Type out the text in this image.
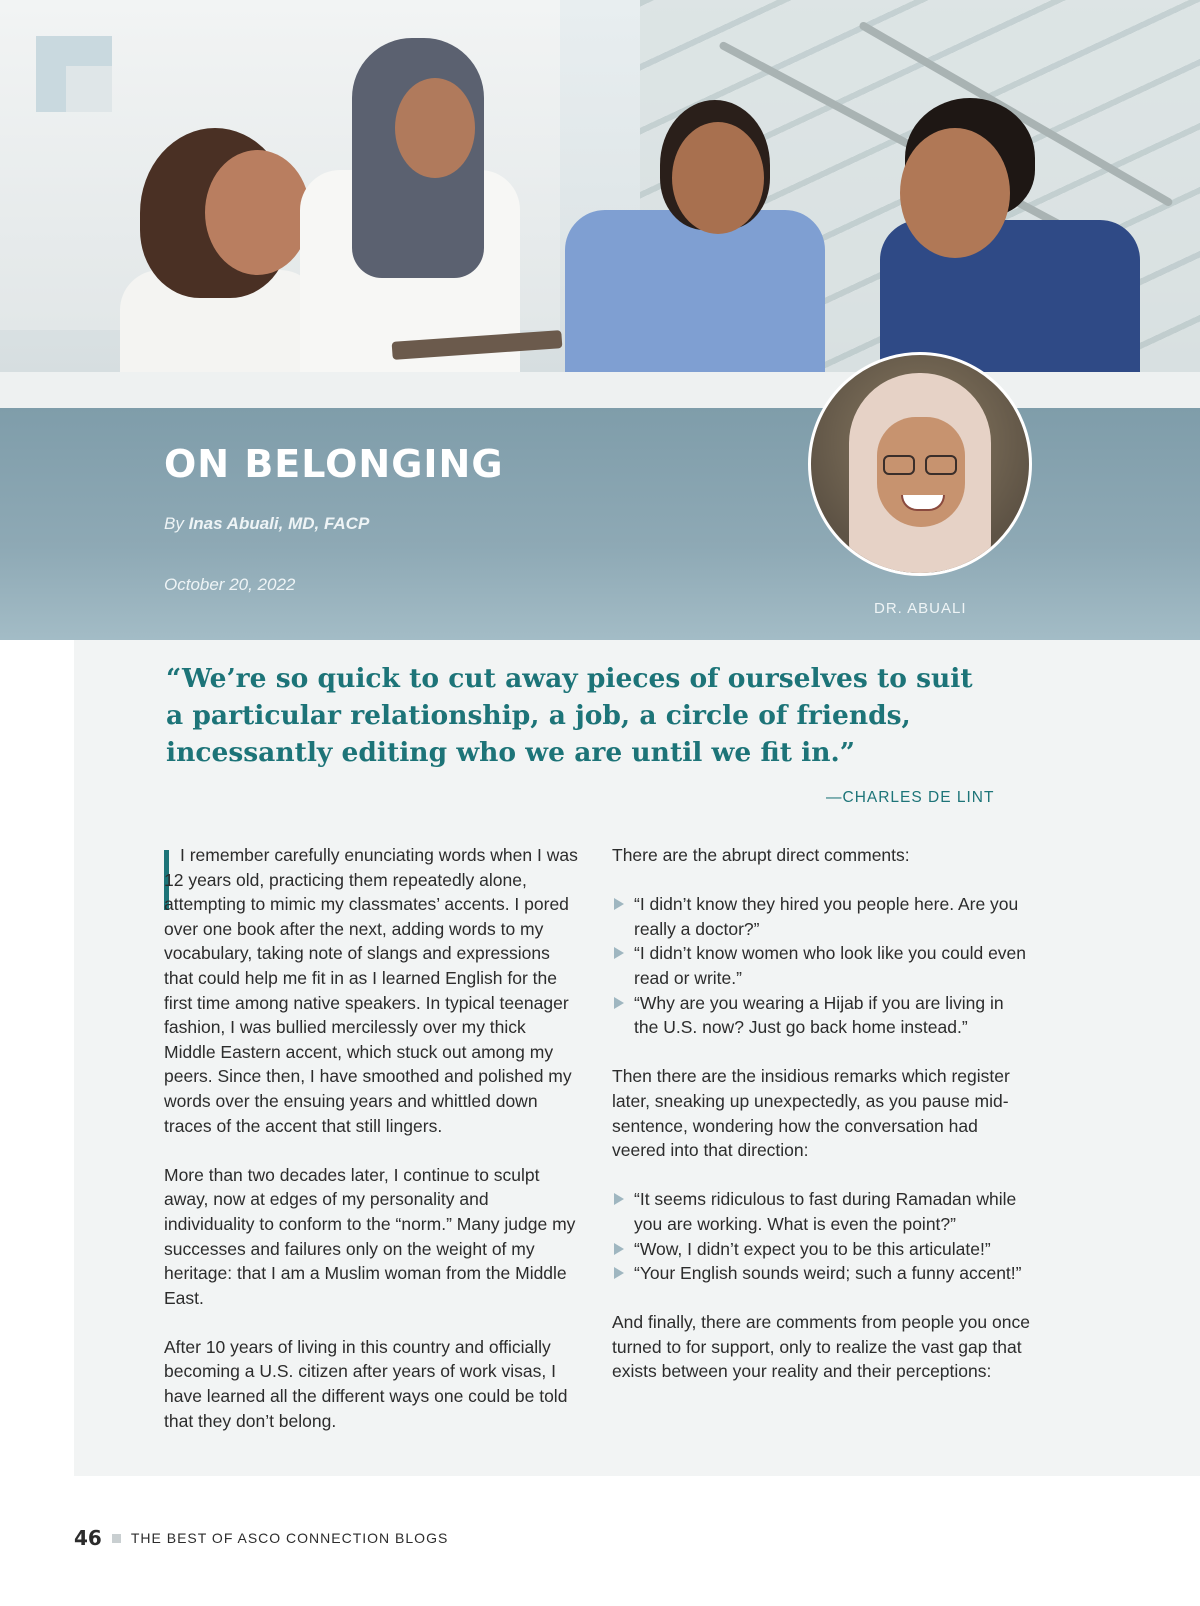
ON BELONGING
By Inas Abuali, MD, FACP
October 20, 2022
DR. ABUALI
“We’re so quick to cut away pieces of ourselves to suit a particular relationship, a job, a circle of friends, incessantly editing who we are until we fit in.”
—CHARLES DE LINT

I remember carefully enunciating words when I was 12 years old, practicing them repeatedly alone, attempting to mimic my classmates’ accents. I pored over one book after the next, adding words to my vocabulary, taking note of slangs and expressions that could help me fit in as I learned English for the first time among native speakers. In typical teenager fashion, I was bullied mercilessly over my thick Middle Eastern accent, which stuck out among my peers. Since then, I have smoothed and polished my words over the ensuing years and whittled down traces of the accent that still lingers.

More than two decades later, I continue to sculpt away, now at edges of my personality and individuality to conform to the “norm.” Many judge my successes and failures only on the weight of my heritage: that I am a Muslim woman from the Middle East.

After 10 years of living in this country and officially becoming a U.S. citizen after years of work visas, I have learned all the different ways one could be told that they don’t belong.

There are the abrupt direct comments:

“I didn’t know they hired you people here. Are you really a doctor?”
“I didn’t know women who look like you could even read or write.”
“Why are you wearing a Hijab if you are living in the U.S. now? Just go back home instead.”

Then there are the insidious remarks which register later, sneaking up unexpectedly, as you pause mid-sentence, wondering how the conversation had veered into that direction:

“It seems ridiculous to fast during Ramadan while you are working. What is even the point?”
“Wow, I didn’t expect you to be this articulate!”
“Your English sounds weird; such a funny accent!”

And finally, there are comments from people you once turned to for support, only to realize the vast gap that exists between your reality and their perceptions:

46 THE BEST OF ASCO CONNECTION BLOGS
